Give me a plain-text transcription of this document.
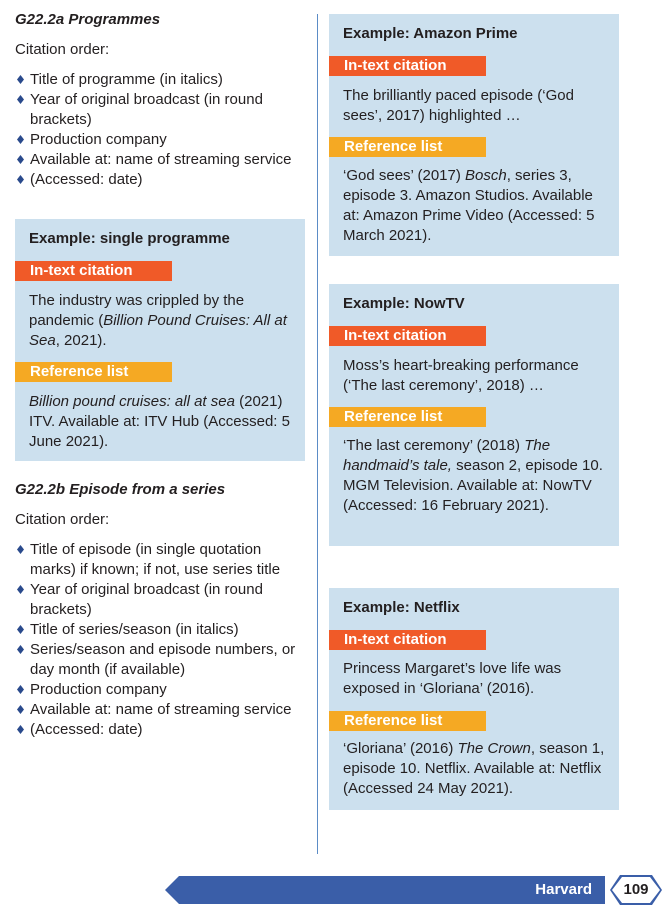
G22.2a Programmes
Citation order:
Title of programme (in italics)
Year of original broadcast (in round brackets)
Production company
Available at: name of streaming service
(Accessed: date)
Example: single programme
In-text citation
The industry was crippled by the pandemic (Billion Pound Cruises: All at Sea, 2021).
Reference list
Billion pound cruises: all at sea (2021) ITV. Available at: ITV Hub (Accessed: 5 June 2021).
G22.2b Episode from a series
Citation order:
Title of episode (in single quotation marks) if known; if not, use series title
Year of original broadcast (in round brackets)
Title of series/season (in italics)
Series/season and episode numbers, or day month (if available)
Production company
Available at: name of streaming service
(Accessed: date)
Example: Amazon Prime
In-text citation
The brilliantly paced episode (‘God sees’, 2017) highlighted …
Reference list
‘God sees’ (2017) Bosch, series 3, episode 3. Amazon Studios. Available at: Amazon Prime Video (Accessed: 5 March 2021).
Example: NowTV
In-text citation
Moss’s heart-breaking performance (‘The last ceremony’, 2018) …
Reference list
‘The last ceremony’ (2018) The handmaid’s tale, season 2, episode 10. MGM Television. Available at: NowTV (Accessed: 16 February 2021).
Example: Netflix
In-text citation
Princess Margaret’s love life was exposed in ‘Gloriana’ (2016).
Reference list
‘Gloriana’ (2016) The Crown, season 1, episode 10. Netflix. Available at: Netflix (Accessed 24 May 2021).
Harvard	109
